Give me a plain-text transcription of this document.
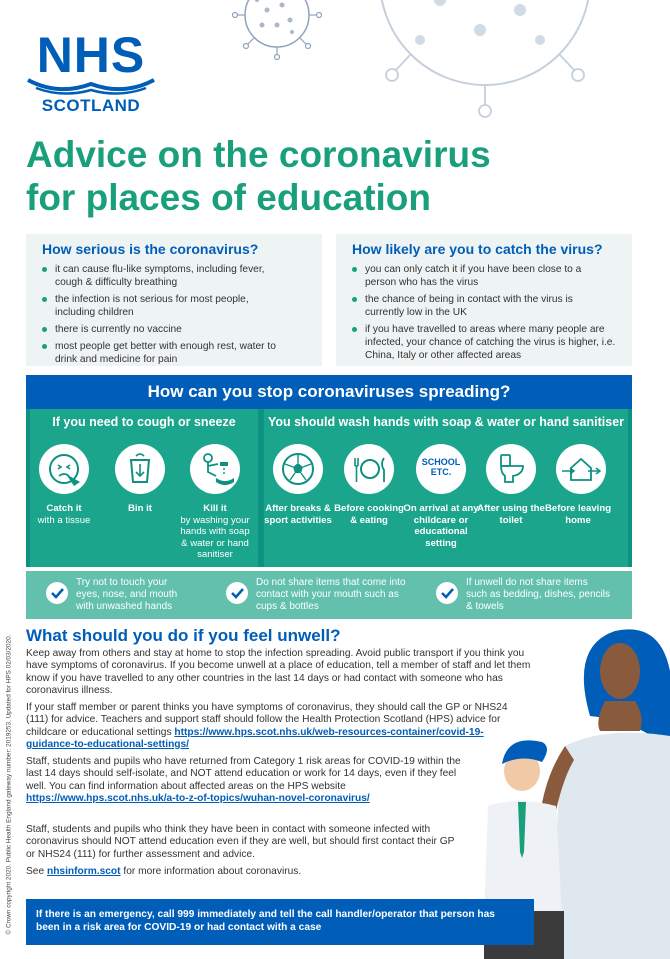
NHS
SCOTLAND
Advice on the coronavirus
for places of education
How serious is the coronavirus?
it can cause flu-like symptoms, including fever, cough & difficulty breathing
the infection is not serious for most people, including children
there is currently no vaccine
most people get better with enough rest, water to drink and medicine for pain
How likely are you to catch the virus?
you can only catch it if you have been close to a person who has the virus
the chance of being in contact with the virus is currently low in the UK
if you have travelled to areas where many people are infected, your chance of catching the virus is higher, i.e. China, Italy or other affected areas
How can you stop coronaviruses spreading?
If you need to cough or sneeze
Catch it
with a tissue
Bin it	Kill it
by washing your hands with soap & water or hand sanitiser
You should wash hands with soap & water or hand sanitiser
SCHOOL ETC.
After breaks & sport activities
Before cooking & eating
On arrival at any childcare or educational setting
After using the toilet
Before leaving home
Try not to touch your eyes, nose, and mouth with unwashed hands
Do not share items that come into contact with your mouth such as cups & bottles
If unwell do not share items such as bedding, dishes, pencils & towels
What should you do if you feel unwell?
Keep away from others and stay at home to stop the infection spreading. Avoid public transport if you think you have symptoms of coronavirus. If you become unwell at a place of education, tell a member of staff and let them know if you have travelled to any other countries in the last 14 days or had contact with someone who has coronavirus illness.
If your staff member or parent thinks you have symptoms of coronavirus, they should call the GP or NHS24 (111) for advice. Teachers and support staff should follow the Health Protection Scotland (HPS) advice for childcare or educational settings https://www.hps.scot.nhs.uk/web-resources-container/covid-19-guidance-to-educational-settings/
Staff, students and pupils who have returned from Category 1 risk areas for COVID-19 within the last 14 days should self-isolate, and NOT attend education or work for 14 days, even if they feel well. You can find information about affected areas on the HPS website https://www.hps.scot.nhs.uk/a-to-z-of-topics/wuhan-novel-coronavirus/
Staff, students and pupils who think they have been in contact with someone infected with coronavirus should NOT attend education even if they are well, but should first contact their GP or NHS24 (111) for further assessment and advice.
See nhsinform.scot for more information about coronavirus.
If there is an emergency, call 999 immediately and tell the call handler/operator that person has been in a risk area for COVID-19 or had contact with a case
© Crown copyright 2020. Public Health England gateway number: 2019253. Updated for HPS 02/03/2020.
